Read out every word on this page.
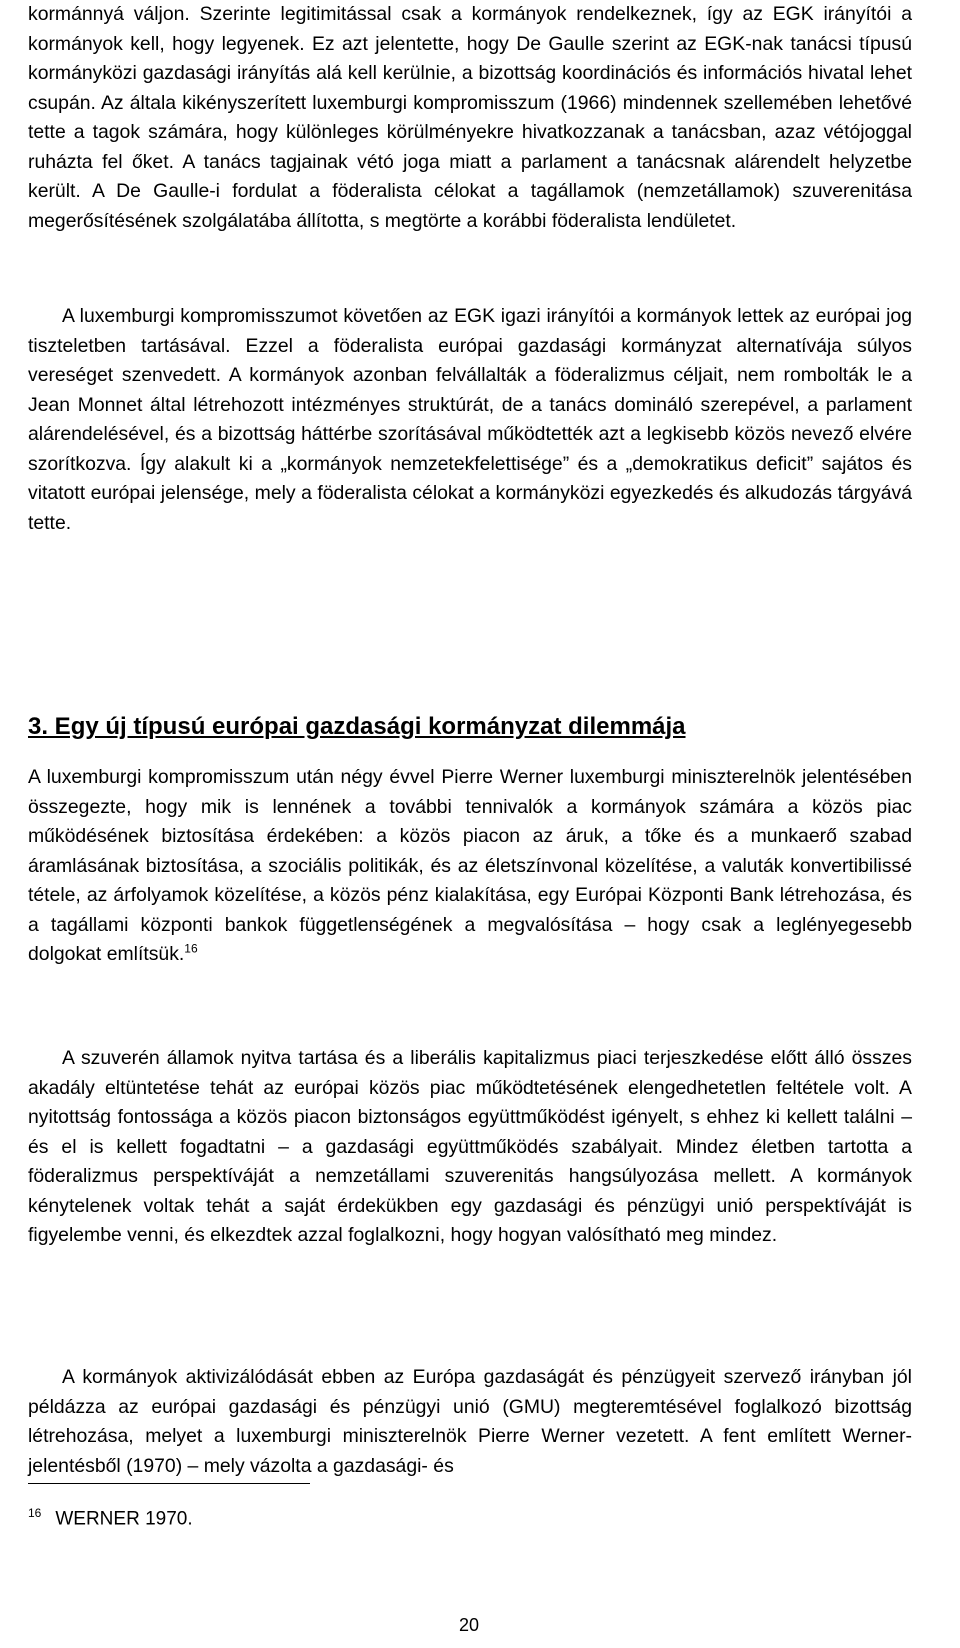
kormánnyá váljon. Szerinte legitimitással csak a kormányok rendelkeznek, így az EGK irányítói a kormányok kell, hogy legyenek. Ez azt jelentette, hogy De Gaulle szerint az EGK-nak tanácsi típusú kormányközi gazdasági irányítás alá kell kerülnie, a bizottság koordinációs és információs hivatal lehet csupán. Az általa kikényszerített luxemburgi kompromisszum (1966) mindennek szellemében lehetővé tette a tagok számára, hogy különleges körülményekre hivatkozzanak a tanácsban, azaz vétójoggal ruházta fel őket. A tanács tagjainak vétó joga miatt a parlament a tanácsnak alárendelt helyzetbe került. A De Gaulle-i fordulat a föderalista célokat a tagállamok (nemzetállamok) szuverenitása megerősítésének szolgálatába állította, s megtörte a korábbi föderalista lendületet.

A luxemburgi kompromisszumot követően az EGK igazi irányítói a kormányok lettek az európai jog tiszteletben tartásával. Ezzel a föderalista európai gazdasági kormányzat alternatívája súlyos vereséget szenvedett. A kormányok azonban felvállalták a föderalizmus céljait, nem rombolták le a Jean Monnet által létrehozott intézményes struktúrát, de a tanács domináló szerepével, a parlament alárendelésével, és a bizottság háttérbe szorításával működtették azt a legkisebb közös nevező elvére szorítkozva. Így alakult ki a „kormányok nemzetekfelettisége” és a „demokratikus deficit” sajátos és vitatott európai jelensége, mely a föderalista célokat a kormányközi egyezkedés és alkudozás tárgyává tette.

3. Egy új típusú európai gazdasági kormányzat dilemmája

A luxemburgi kompromisszum után négy évvel Pierre Werner luxemburgi miniszterelnök jelentésében összegezte, hogy mik is lennének a további tennivalók a kormányok számára a közös piac működésének biztosítása érdekében: a közös piacon az áruk, a tőke és a munkaerő szabad áramlásának biztosítása, a szociális politikák, és az életszínvonal közelítése, a valuták konvertibilissé tétele, az árfolyamok közelítése, a közös pénz kialakítása, egy Európai Központi Bank létrehozása, és a tagállami központi bankok függetlenségének a megvalósítása – hogy csak a leglényegesebb dolgokat említsük.$^{16}$

A szuverén államok nyitva tartása és a liberális kapitalizmus piaci terjeszkedése előtt álló összes akadály eltüntetése tehát az európai közös piac működtetésének elengedhetetlen feltétele volt. A nyitottság fontossága a közös piacon biztonságos együttműködést igényelt, s ehhez ki kellett találni – és el is kellett fogadtatni – a gazdasági együttműködés szabályait. Mindez életben tartotta a föderalizmus perspektíváját a nemzetállami szuverenitás hangsúlyozása mellett. A kormányok kénytelenek voltak tehát a saját érdekükben egy gazdasági és pénzügyi unió perspektíváját is figyelembe venni, és elkezdtek azzal foglalkozni, hogy hogyan valósítható meg mindez.

A kormányok aktivizálódását ebben az Európa gazdaságát és pénzügyeit szervező irányban jól példázza az európai gazdasági és pénzügyi unió (GMU) megteremtésével foglalkozó bizottság létrehozása, melyet a luxemburgi miniszterelnök Pierre Werner vezetett. A fent említett Werner-jelentésből (1970) – mely vázolta a gazdasági- és

$^{16}$ WERNER 1970.

20
